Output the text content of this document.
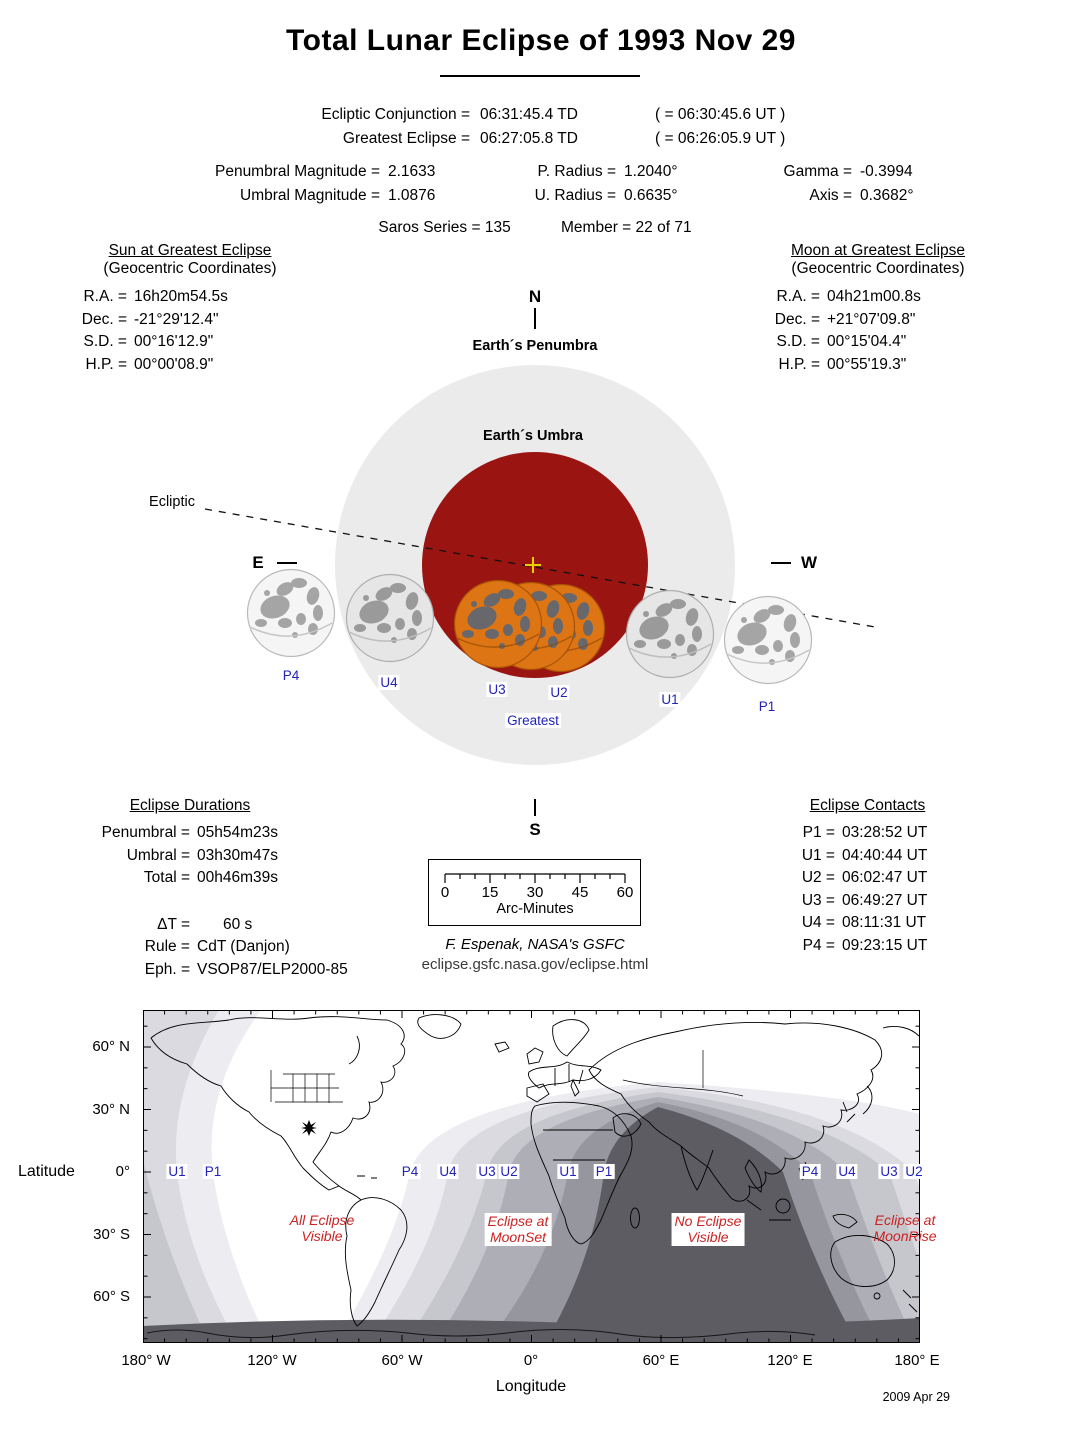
Total Lunar Eclipse of 1993 Nov 29
Ecliptic Conjunction = 06:31:45.4 TD	( = 06:30:45.6 UT )
Greatest Eclipse = 06:27:05.8 TD	( = 06:26:05.9 UT )
Penumbral Magnitude = 2.1633	P. Radius = 1.2040°	Gamma = -0.3994
Umbral Magnitude = 1.0876	U. Radius = 0.6635°	Axis = 0.3682°
Saros Series = 135	Member = 22 of 71
Sun at Greatest Eclipse
(Geocentric Coordinates)
R.A. = 16h20m54.5s
Dec. = -21°29'12.4"
S.D. = 00°16'12.9"
H.P. = 00°00'08.9"
Moon at Greatest Eclipse
(Geocentric Coordinates)
R.A. = 04h21m00.8s
Dec. = +21°07'09.8"
S.D. = 00°15'04.4"
H.P. = 00°55'19.3"
N
Earth´s Penumbra
Earth´s Umbra
Ecliptic
E	W
P4	U4	U3	U2	U1	P1
Greatest
S
Eclipse Durations
Penumbral = 05h54m23s
Umbral = 03h30m47s
Total = 00h46m39s
ΔT =	60 s
Rule = CdT (Danjon)
Eph. = VSOP87/ELP2000-85
Eclipse Contacts
P1 = 03:28:52 UT
U1 = 04:40:44 UT
U2 = 06:02:47 UT
U3 = 06:49:27 UT
U4 = 08:11:31 UT
P4 = 09:23:15 UT
0	15	30	45	60
Arc-Minutes
F. Espenak, NASA's GSFC
eclipse.gsfc.nasa.gov/eclipse.html
Latitude
60° N
30° N
0°
30° S
60° S
180° W	120° W	60° W	0°	60° E	120° E	180° E
Longitude
U1 P1	P4 U4 U3 U2	U1 P1	P4 U4 U3 U2
All Eclipse
Visible
Eclipse at
MoonSet
No Eclipse
Visible
Eclipse at
MoonRise
2009 Apr 29
